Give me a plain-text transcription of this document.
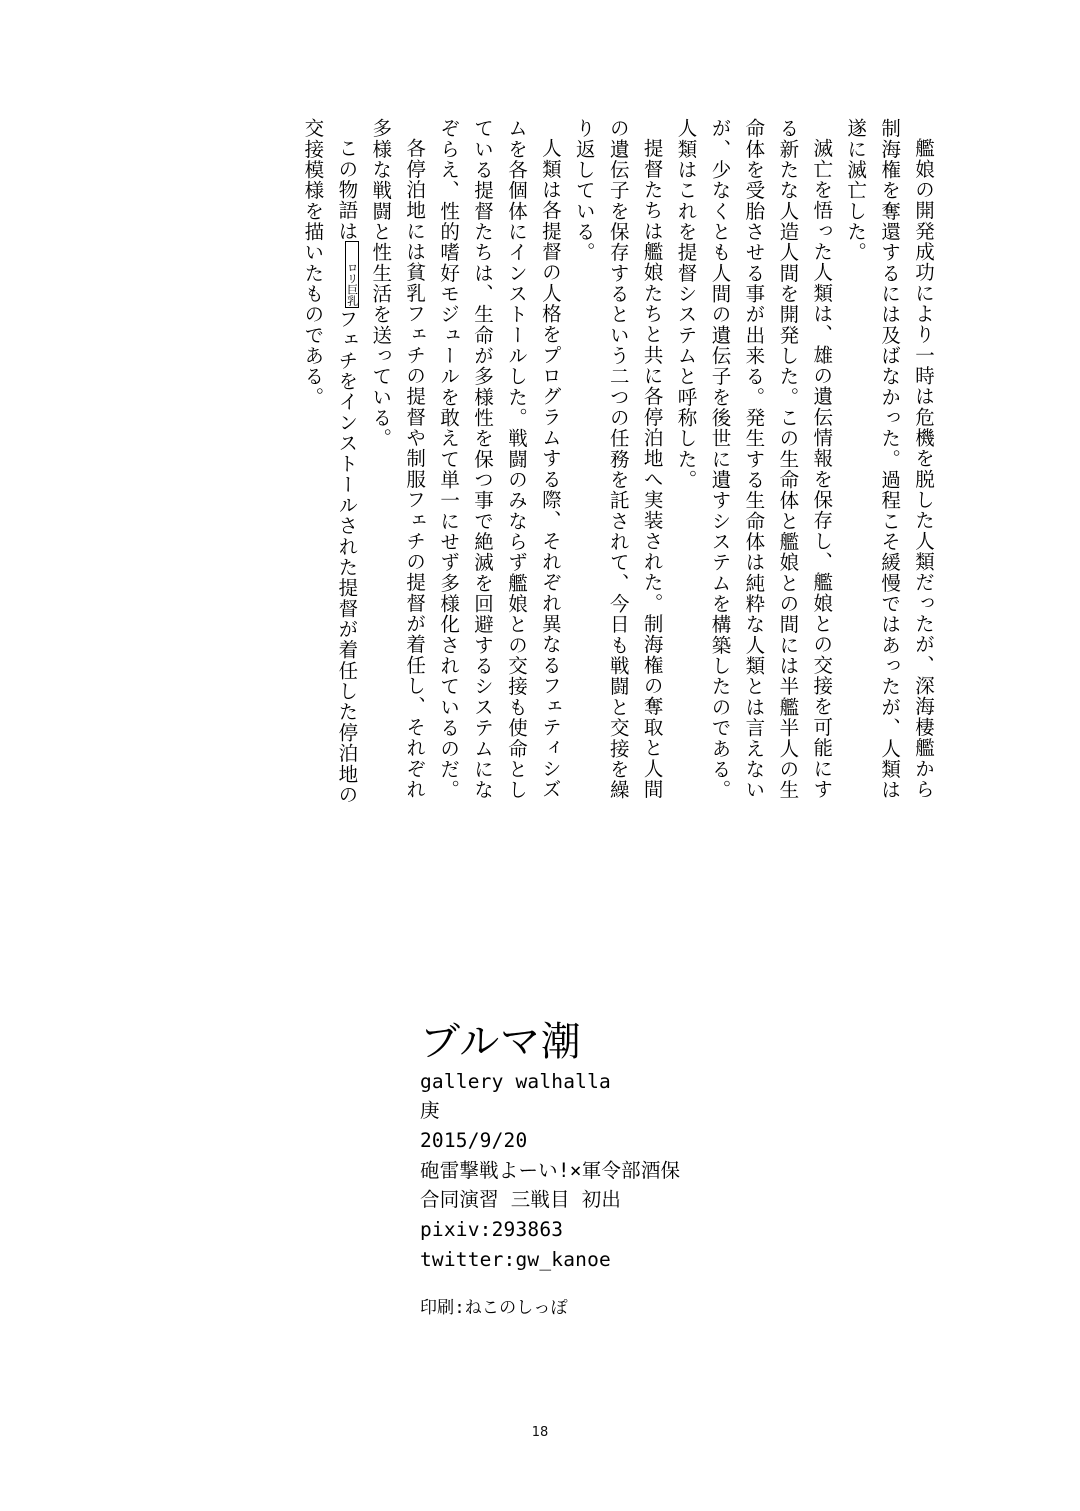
艦娘の開発成功により一時は危機を脱した人類だったが、深海棲艦から制海権を奪還するには及ばなかった。過程こそ緩慢ではあったが、人類は遂に滅亡した。
滅亡を悟った人類は、雄の遺伝情報を保存し、艦娘との交接を可能にする新たな人造人間を開発した。この生命体と艦娘との間には半艦半人の生命体を受胎させる事が出来る。発生する生命体は純粋な人類とは言えないが、少なくとも人間の遺伝子を後世に遺すシステムを構築したのである。人類はこれを提督システムと呼称した。
提督たちは艦娘たちと共に各停泊地へ実装された。制海権の奪取と人間の遺伝子を保存するという二つの任務を託されて、今日も戦闘と交接を繰り返している。
人類は各提督の人格をプログラムする際、それぞれ異なるフェティシズムを各個体にインストールした。戦闘のみならず艦娘との交接も使命としている提督たちは、生命が多様性を保つ事で絶滅を回避するシステムになぞらえ、性的嗜好モジュールを敢えて単一にせず多様化されているのだ。
各停泊地には貧乳フェチの提督や制服フェチの提督が着任し、それぞれ多様な戦闘と性生活を送っている。
この物語はロリ巨乳フェチをインストールされた提督が着任した停泊地の交接模様を描いたものである。
ブルマ潮
gallery walhalla
庚
2015/9/20
砲雷撃戦よーい!×軍令部酒保
合同演習 三戦目 初出
pixiv:293863
twitter:gw_kanoe
印刷:ねこのしっぽ
18
